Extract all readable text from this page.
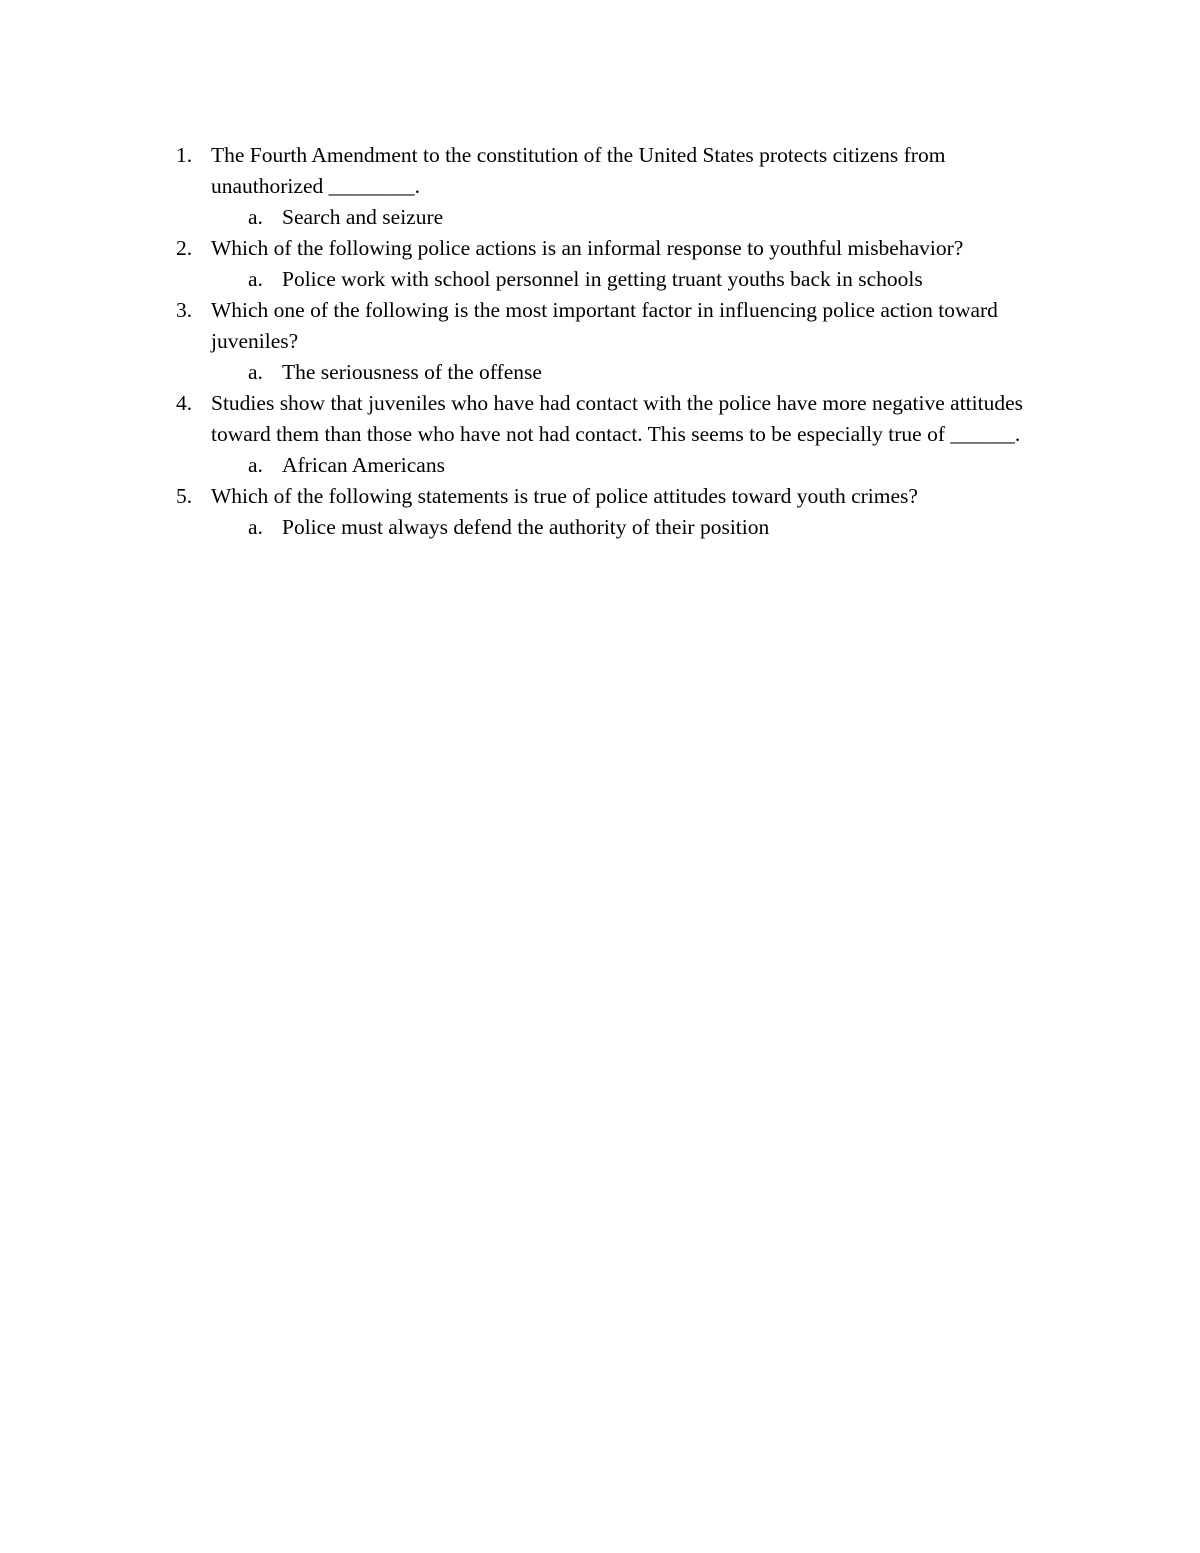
1. The Fourth Amendment to the constitution of the United States protects citizens from unauthorized ________.
a. Search and seizure
2. Which of the following police actions is an informal response to youthful misbehavior?
a. Police work with school personnel in getting truant youths back in schools
3. Which one of the following is the most important factor in influencing police action toward juveniles?
a. The seriousness of the offense
4. Studies show that juveniles who have had contact with the police have more negative attitudes toward them than those who have not had contact. This seems to be especially true of ______.
a. African Americans
5. Which of the following statements is true of police attitudes toward youth crimes?
a. Police must always defend the authority of their position
